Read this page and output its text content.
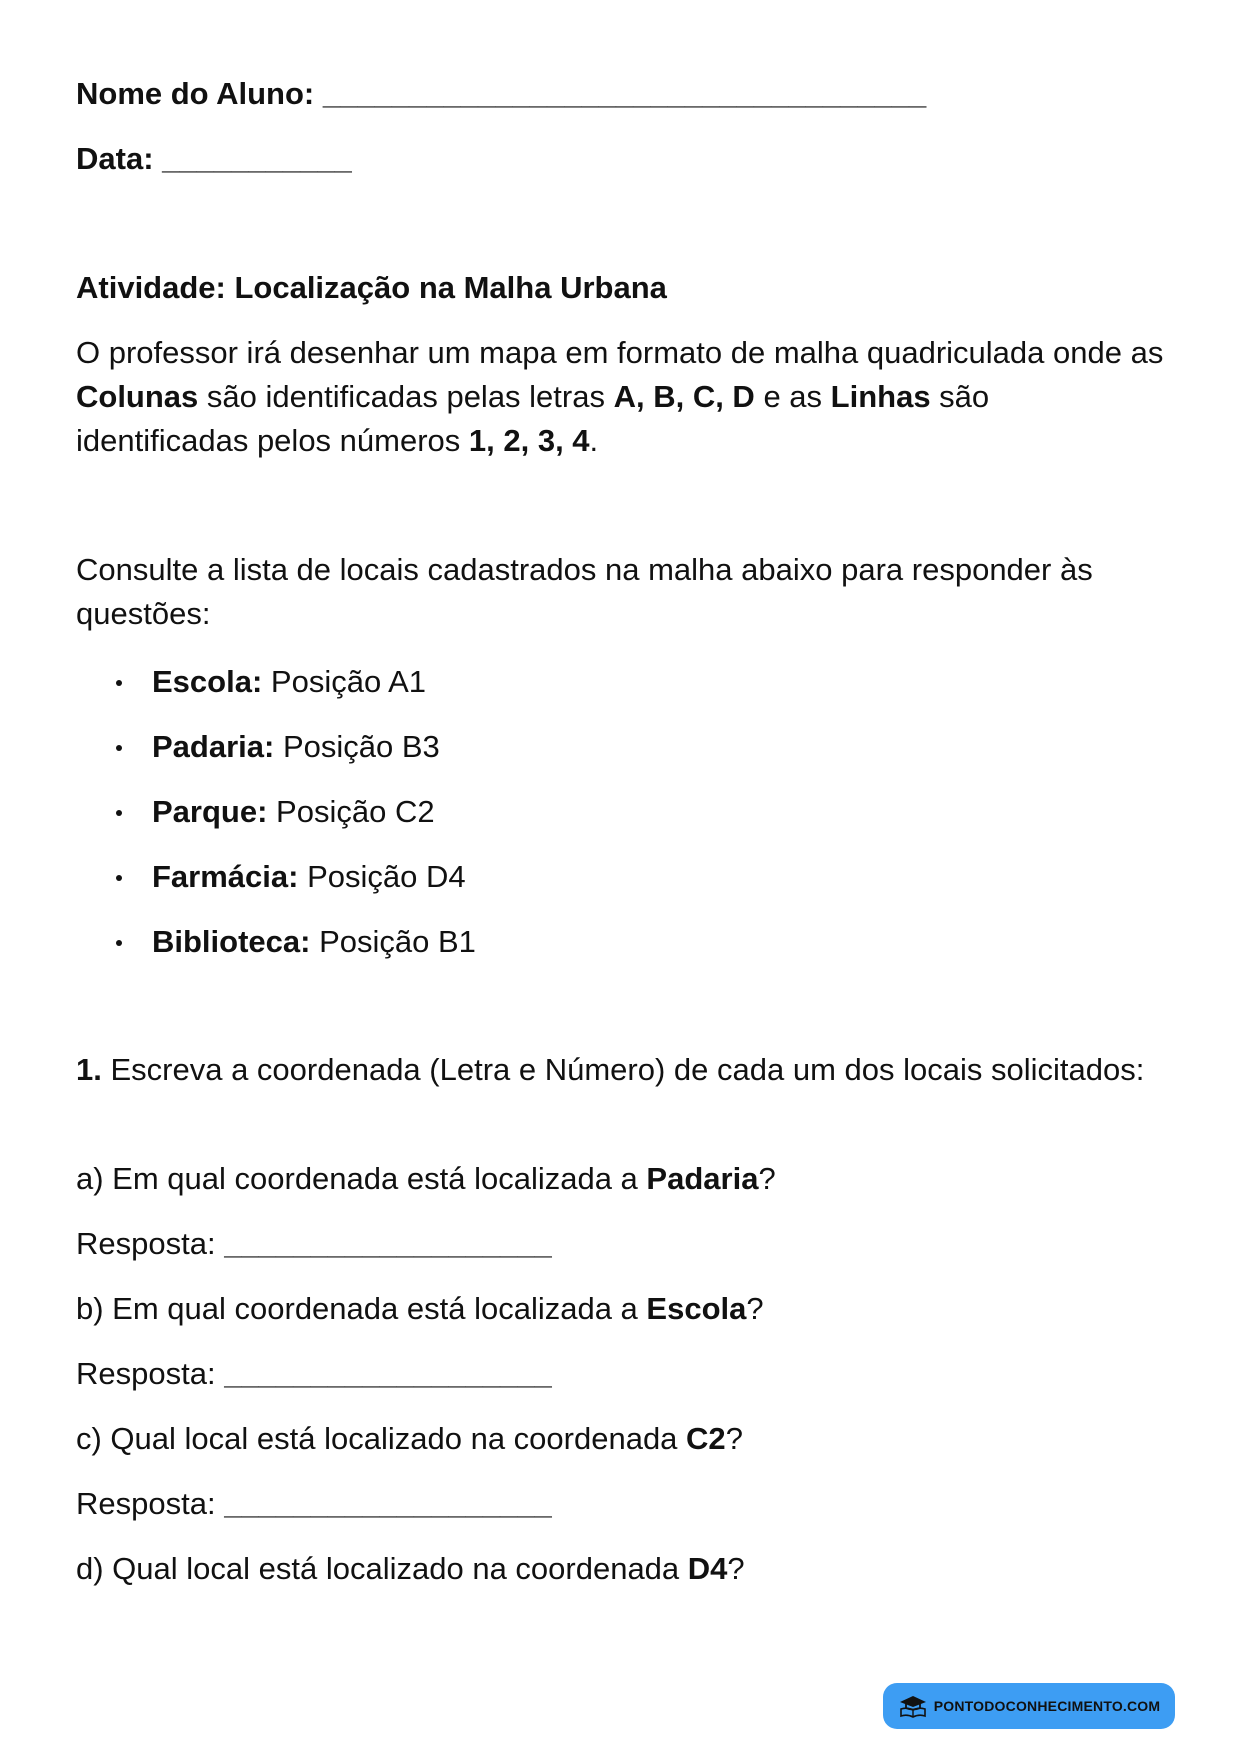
Nome do Aluno: ___________________________________
Data: ___________
Atividade: Localização na Malha Urbana
O professor irá desenhar um mapa em formato de malha quadriculada onde as Colunas são identificadas pelas letras A, B, C, D e as Linhas são identificadas pelos números 1, 2, 3, 4.
Consulte a lista de locais cadastrados na malha abaixo para responder às questões:
Escola: Posição A1
Padaria: Posição B3
Parque: Posição C2
Farmácia: Posição D4
Biblioteca: Posição B1
1. Escreva a coordenada (Letra e Número) de cada um dos locais solicitados:
a) Em qual coordenada está localizada a Padaria?
Resposta: ___________________
b) Em qual coordenada está localizada a Escola?
Resposta: ___________________
c) Qual local está localizado na coordenada C2?
Resposta: ___________________
d) Qual local está localizado na coordenada D4?
PONTODOCONHECIMENTO.COM
